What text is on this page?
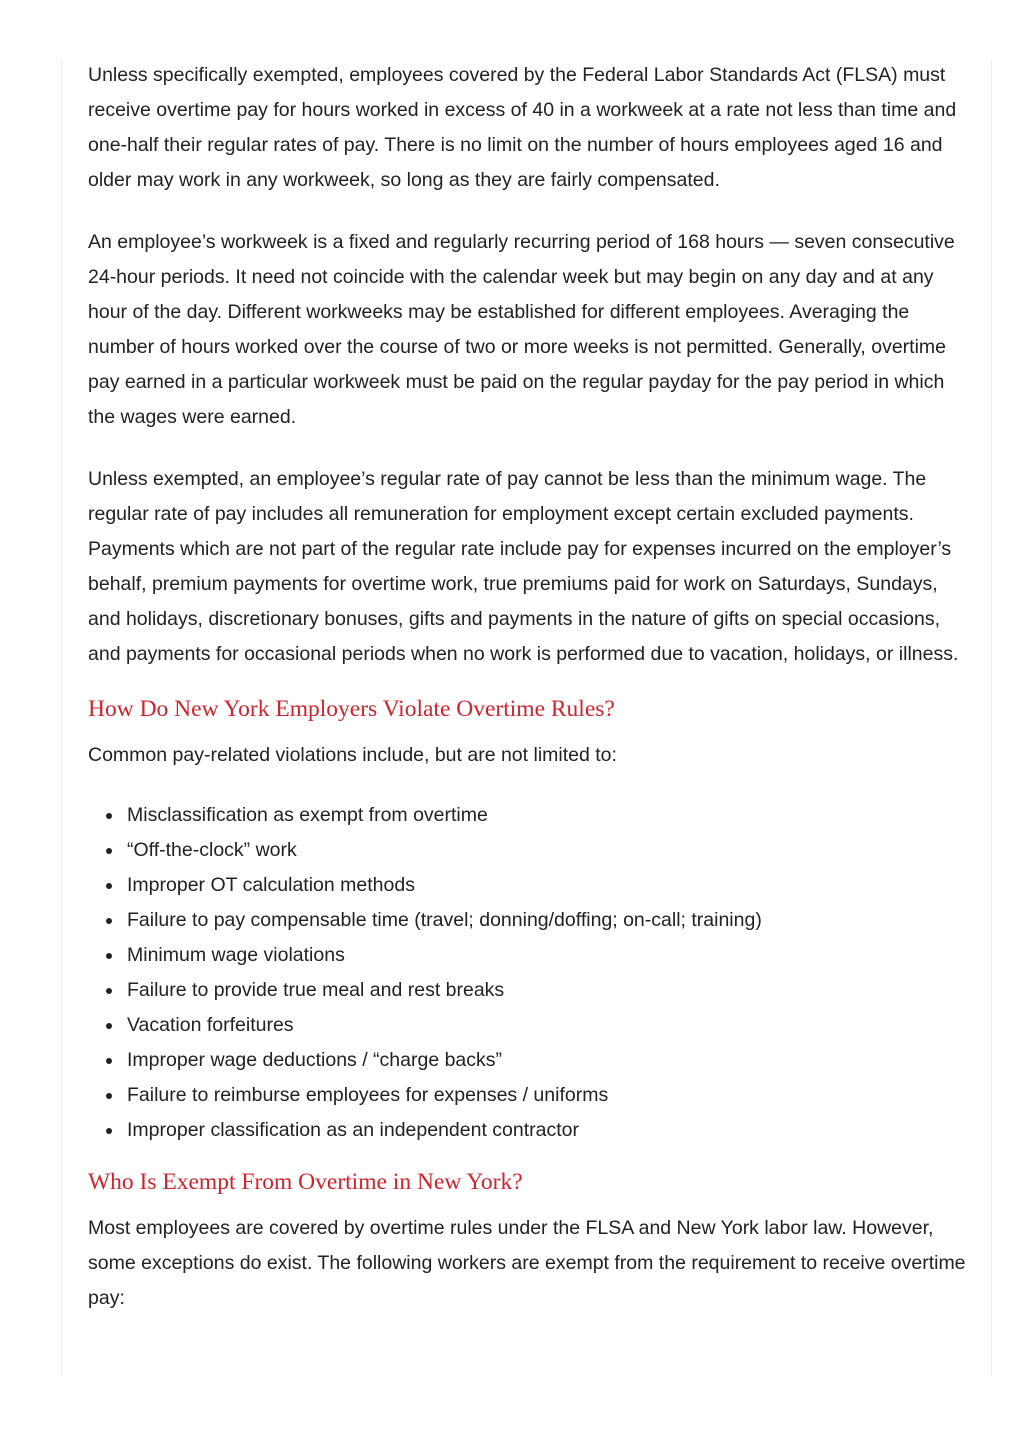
Unless specifically exempted, employees covered by the Federal Labor Standards Act (FLSA) must receive overtime pay for hours worked in excess of 40 in a workweek at a rate not less than time and one-half their regular rates of pay. There is no limit on the number of hours employees aged 16 and older may work in any workweek, so long as they are fairly compensated.

An employee’s workweek is a fixed and regularly recurring period of 168 hours — seven consecutive 24-hour periods. It need not coincide with the calendar week but may begin on any day and at any hour of the day. Different workweeks may be established for different employees. Averaging the number of hours worked over the course of two or more weeks is not permitted. Generally, overtime pay earned in a particular workweek must be paid on the regular payday for the pay period in which the wages were earned.

Unless exempted, an employee’s regular rate of pay cannot be less than the minimum wage. The regular rate of pay includes all remuneration for employment except certain excluded payments. Payments which are not part of the regular rate include pay for expenses incurred on the employer’s behalf, premium payments for overtime work, true premiums paid for work on Saturdays, Sundays, and holidays, discretionary bonuses, gifts and payments in the nature of gifts on special occasions, and payments for occasional periods when no work is performed due to vacation, holidays, or illness.

How Do New York Employers Violate Overtime Rules?

Common pay-related violations include, but are not limited to:

Misclassification as exempt from overtime
“Off-the-clock” work
Improper OT calculation methods
Failure to pay compensable time (travel; donning/doffing; on-call; training)
Minimum wage violations
Failure to provide true meal and rest breaks
Vacation forfeitures
Improper wage deductions / “charge backs”
Failure to reimburse employees for expenses / uniforms
Improper classification as an independent contractor
Who Is Exempt From Overtime in New York?

Most employees are covered by overtime rules under the FLSA and New York labor law. However, some exceptions do exist. The following workers are exempt from the requirement to receive overtime pay:
